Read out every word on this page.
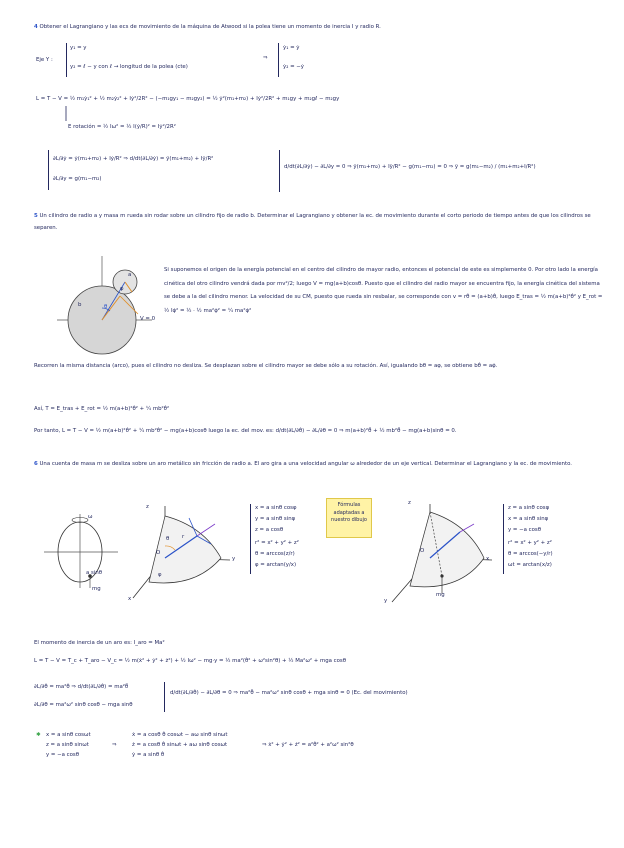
4 Obtener el Lagrangiano y las ecs de movimiento de la máquina de Atwood si la polea tiene un momento de inercia I y radio R.
Eje Y :
y₁ = y
y₂ = ℓ − y con ℓ → longitud de la polea (cte)
⇒
ẏ₁ = ẏ
ẏ₂ = −ẏ
L = T − V = ½ m₁ẏ₁² + ½ m₂ẏ₂² + Iẏ²/2R² − (−m₁gy₁ − m₂gy₂) = ½ ẏ²(m₁+m₂) + Iẏ²/2R² + m₁gy + m₂gℓ − m₂gy
E rotación = ½ Iω² = ½ I(ẏ/R)² = Iẏ²/2R²
∂L/∂ẏ = ẏ(m₁+m₂) + Iẏ/R² ⇒ d/dt(∂L/∂ẏ) = ÿ(m₁+m₂) + Iÿ/R²
∂L/∂y = g(m₁−m₂)
d/dt(∂L/∂ẏ) − ∂L/∂y = 0 ⇒ ÿ(m₁+m₂) + Iÿ/R² − g(m₁−m₂) = 0 ⇒ ÿ = g(m₁−m₂) / (m₁+m₂+I/R²)
5 Un cilindro de radio a y masa m rueda sin rodar sobre un cilindro fijo de radio b. Determinar el Lagrangiano y obtener la ec. de movimiento durante el corto periodo de tiempo antes de que los cilindros se separen.
b
a
θ
φ
V = 0
Si suponemos el origen de la energía potencial en el centro del cilindro de mayor radio, entonces el potencial de este es simplemente 0. Por otro lado la energía cinética del otro cilindro vendrá dada por mv²/2; luego V = mg(a+b)cosθ. Puesto que el cilindro del radio mayor se encuentra fijo, la energía cinética del sistema se debe a la del cilindro menor. La velocidad de su CM, puesto que rueda sin resbalar, se corresponde con v = rθ̇ = (a+b)θ̇, luego E_tras = ½ m(a+b)²θ̇² y E_rot = ½ Iφ̇² = ½ · ½ ma²φ̇² = ¼ ma²φ̇²
Recorren la misma distancia (arco), pues el cilindro no desliza. Se desplazan sobre el cilindro mayor se debe sólo a su rotación. Así, igualando bθ = aφ, se obtiene bθ̇ = aφ̇.
Así, T = E_tras + E_rot = ½ m(a+b)²θ̇² + ¼ mb²θ̇²
Por tanto, L = T − V = ½ m(a+b)²θ̇² + ¼ mb²θ̇² − mg(a+b)cosθ luego la ec. del mov. es: d/dt(∂L/∂θ̇) − ∂L/∂θ = 0 ⇒ m(a+b)²θ̈ + ½ mb²θ̈ − mg(a+b)sinθ = 0.
6 Una cuenta de masa m se desliza sobre un aro metálico sin fricción de radio a. El aro gira a una velocidad angular ω alrededor de un eje vertical. Determinar el Lagrangiano y la ec. de movimiento.
ω
a sinθ
mg
z
y
x
O
θ
φ
r
x = a sinθ cosφ
y = a sinθ sinφ
z = a cosθ
r² = x² + y² + z²
θ = arccos(z/r)
φ = arctan(y/x)
Fórmulas adaptadas a nuestro dibujo
z
x
y
O
mg
z = a sinθ cosφ
x = a sinθ sinφ
y = −a cosθ
r² = x² + y² + z²
θ = arccos(−y/r)
ωt = arctan(x/z)
El momento de inercia de un aro es: I_aro = Ma²
L = T − V = T_c + T_aro − V_c = ½ m(ẋ² + ẏ² + ż²) + ½ Iω² − mg·y = ½ ma²(θ̇² + ω²sin²θ) + ½ Ma²ω² + mga cosθ
∂L/∂θ̇ = ma²θ̇ ⇒ d/dt(∂L/∂θ̇) = ma²θ̈
∂L/∂θ = ma²ω² sinθ cosθ − mga sinθ
d/dt(∂L/∂θ̇) − ∂L/∂θ = 0 ⇒ ma²θ̈ − ma²ω² sinθ cosθ + mga sinθ = 0 (Ec. del movimiento)
✱ x = a sinθ cosωt
z = a sinθ sinωt
y = −a cosθ
⇒
ẋ = a cosθ θ̇ cosωt − aω sinθ sinωt
ż = a cosθ θ̇ sinωt + aω sinθ cosωt
ẏ = a sinθ θ̇
⇒ ẋ² + ẏ² + ż² = a²θ̇² + a²ω² sin²θ
